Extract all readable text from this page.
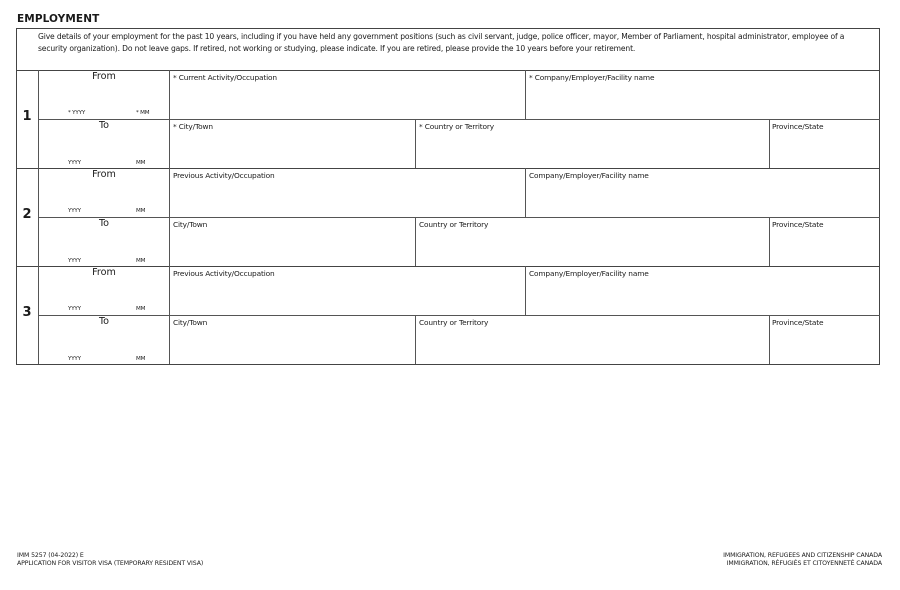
EMPLOYMENT
Give details of your employment for the past 10 years, including if you have held any government positions (such as civil servant, judge, police officer, mayor, Member of Parliament, hospital administrator, employee of a security organization). Do not leave gaps. If retired, not working or studying, please indicate. If you are retired, please provide the 10 years before your retirement.
1
From
To
* YYYY	* MM
YYYY	MM
* Current Activity/Occupation	* Company/Employer/Facility name
* City/Town	* Country or Territory	Province/State
2
From
To
YYYY	MM
YYYY	MM
Previous Activity/Occupation	Company/Employer/Facility name
City/Town	Country or Territory	Province/State
3
From
To
YYYY	MM
YYYY	MM
Previous Activity/Occupation	Company/Employer/Facility name
City/Town	Country or Territory	Province/State
IMM 5257 (04-2022) E
APPLICATION FOR VISITOR VISA (TEMPORARY RESIDENT VISA)
IMMIGRATION, REFUGEES AND CITIZENSHIP CANADA
IMMIGRATION, RÉFUGIÉS ET CITOYENNETÉ CANADA
